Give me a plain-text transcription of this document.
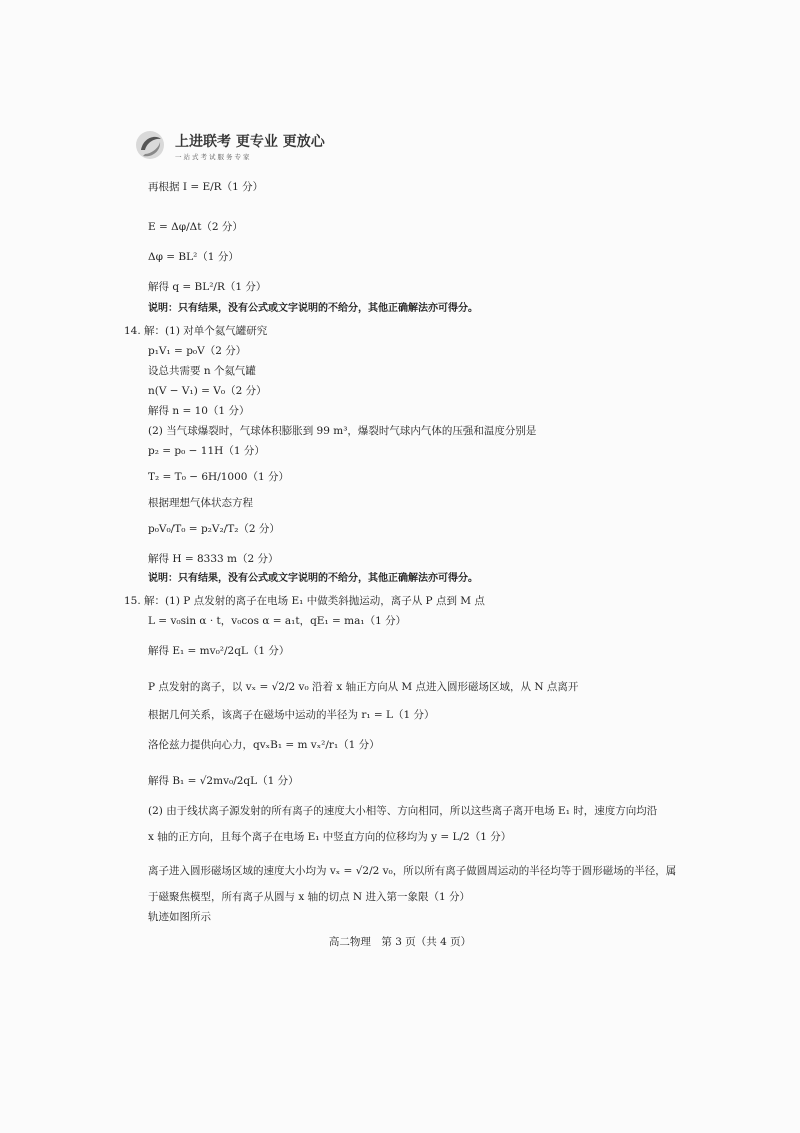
上进联考 更专业 更放心
一站式考试服务专家
再根据 I = E/R（1 分）
E = Δφ/Δt（2 分）
Δφ = BL²（1 分）
解得 q = BL²/R（1 分）
说明：只有结果，没有公式或文字说明的不给分，其他正确解法亦可得分。
14. 解：(1) 对单个氦气罐研究
p₁V₁ = p₀V（2 分）
设总共需要 n 个氦气罐
n(V − V₁) = V₀（2 分）
解得 n = 10（1 分）
(2) 当气球爆裂时，气球体积膨胀到 99 m³，爆裂时气球内气体的压强和温度分别是
p₂ = p₀ − 11H（1 分）
T₂ = T₀ − 6H/1000（1 分）
根据理想气体状态方程
p₀V₀/T₀ = p₂V₂/T₂（2 分）
解得 H = 8333 m（2 分）
说明：只有结果，没有公式或文字说明的不给分，其他正确解法亦可得分。
15. 解：(1) P 点发射的离子在电场 E₁ 中做类斜抛运动，离子从 P 点到 M 点
L = v₀sin α · t，v₀cos α = a₁t，qE₁ = ma₁（1 分）
解得 E₁ = mv₀²/2qL（1 分）
P 点发射的离子，以 vₓ = √2/2 v₀ 沿着 x 轴正方向从 M 点进入圆形磁场区域，从 N 点离开
根据几何关系，该离子在磁场中运动的半径为 r₁ = L（1 分）
洛伦兹力提供向心力，qvₓB₁ = m vₓ²/r₁（1 分）
解得 B₁ = √2mv₀/2qL（1 分）
(2) 由于线状离子源发射的所有离子的速度大小相等、方向相同，所以这些离子离开电场 E₁ 时，速度方向均沿
x 轴的正方向，且每个离子在电场 E₁ 中竖直方向的位移均为 y = L/2（1 分）
离子进入圆形磁场区域的速度大小均为 vₓ = √2/2 v₀，所以所有离子做圆周运动的半径均等于圆形磁场的半径，属
于磁聚焦模型，所有离子从圆与 x 轴的切点 N 进入第一象限（1 分）
轨迹如图所示
高二物理　第 3 页（共 4 页）
